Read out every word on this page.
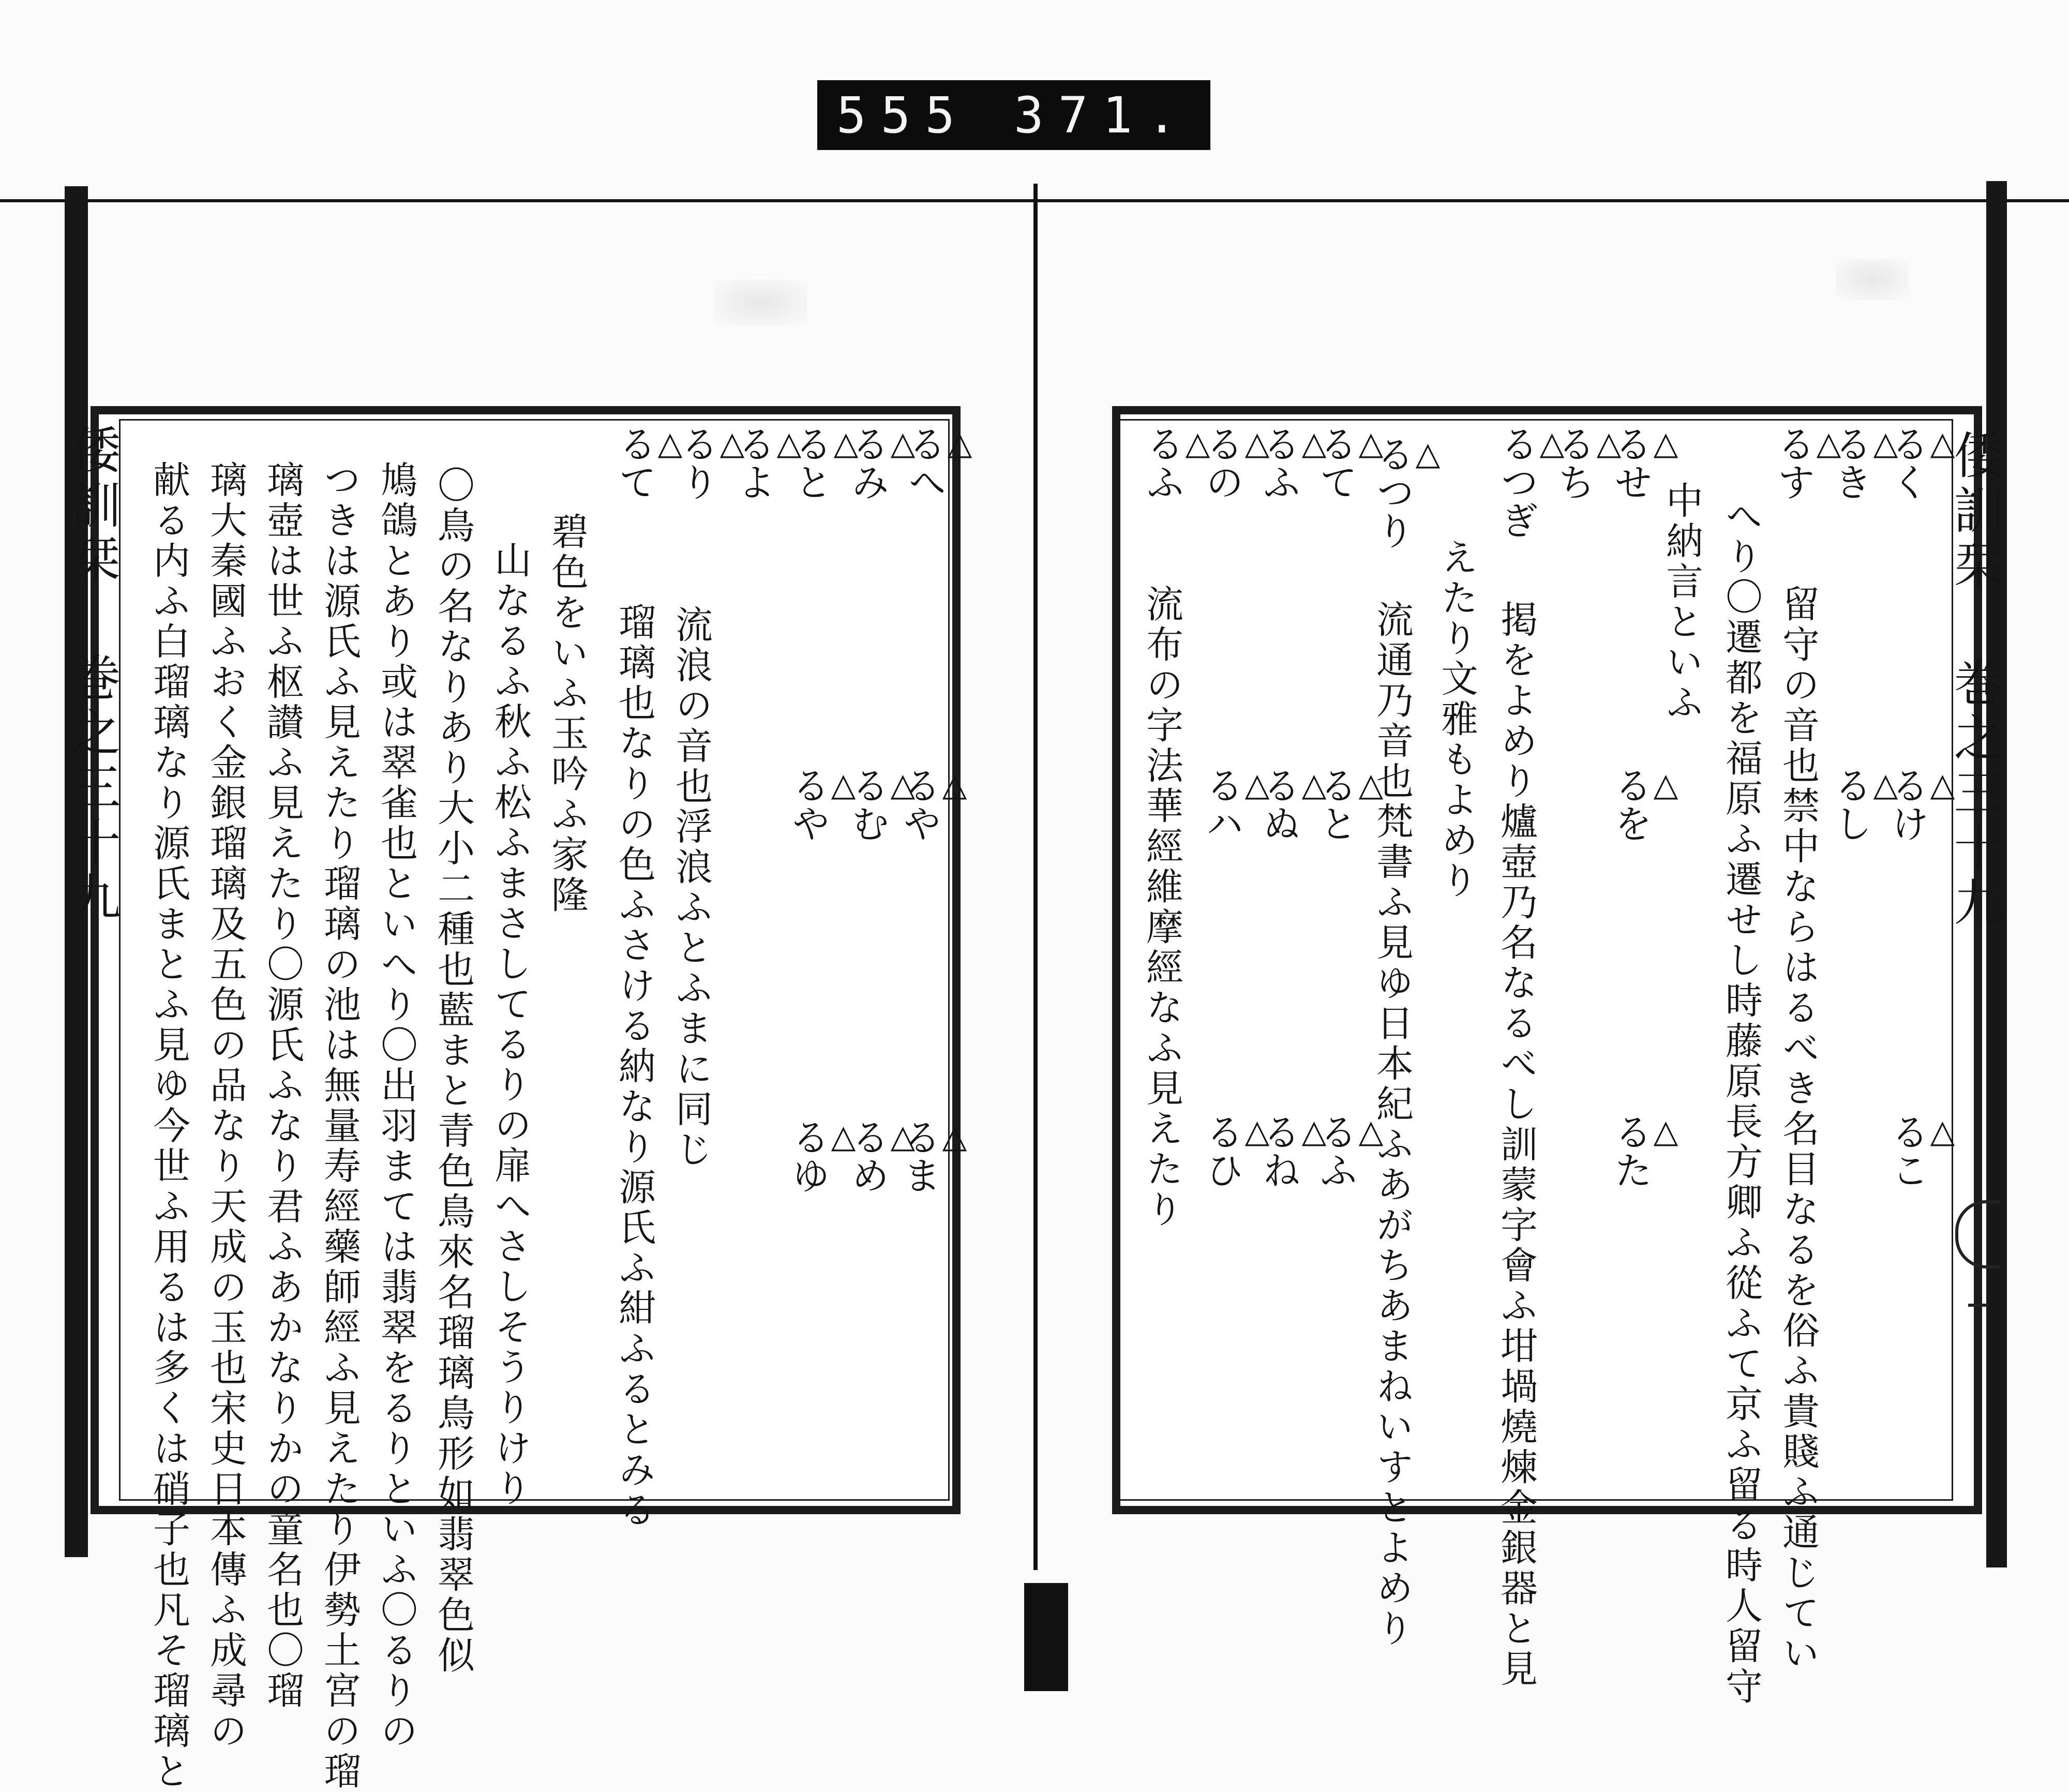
555 371.
倭訓栞 巻之三十九	倭訓栞 巻之三十九
△ るへ
△ るみ
△ ると
△ るよ
△ るり
△ るて
△ るや
△ るむ
△ るや
△ るま
△ るめ
△ るゆ
流浪の音也浮浪ふとふまに同じ
瑠璃也なりの色ふさける納なり源氏ふ紺ふるとみる
碧色をいふ玉吟ふ家隆
山なるふ秋ふ松ふまさしてるりの扉へさしそうりけり
〇鳥の名なりあり大小二種也藍まと青色鳥來名瑠璃鳥形如翡翠色似
鳩鴿とあり或は翠雀也といへり〇出羽まては翡翠をるりといふ〇るりの
つきは源氏ふ見えたり瑠璃の池は無量寿經藥師經ふ見えたり伊勢土宮の瑠
璃壺は世ふ枢讃ふ見えたり〇源氏ふなり君ふあかなりかの童名也〇瑠
璃大秦國ふおく金銀瑠璃及五色の品なり天成の玉也宋史日本傳ふ成尋の
献る内ふ白瑠璃なり源氏まとふ見ゆ今世ふ用るは多くは硝子也凡そ瑠璃と
△	るく
△ るき
△ るす
△ るせ
△ るち
△ るつぎ
△ るつり
△ るて
△ るふ
△ るの
△ るふ
△ るけ
△ るし
△ るを
△ ると
△ るぬ
△ るハ
△ るこ
△ るた
△ るふ
△ るね
△ るひ	留守の音也禁中ならはるべき名目なるを俗ふ貴賤ふ通じてい
へり〇遷都を福原ふ遷せし時藤原長方卿ふ從ふて京ふ留る時人留守
中納言といふ
掲をよめり爐壺乃名なるべし訓蒙字會ふ坩堝燒煉金銀器と見
えたり文雅もよめり
流通乃音也梵書ふ見ゆ日本紀ふあがちあまねいすとよめり
流布の字法華經維摩經なふ見えたり
